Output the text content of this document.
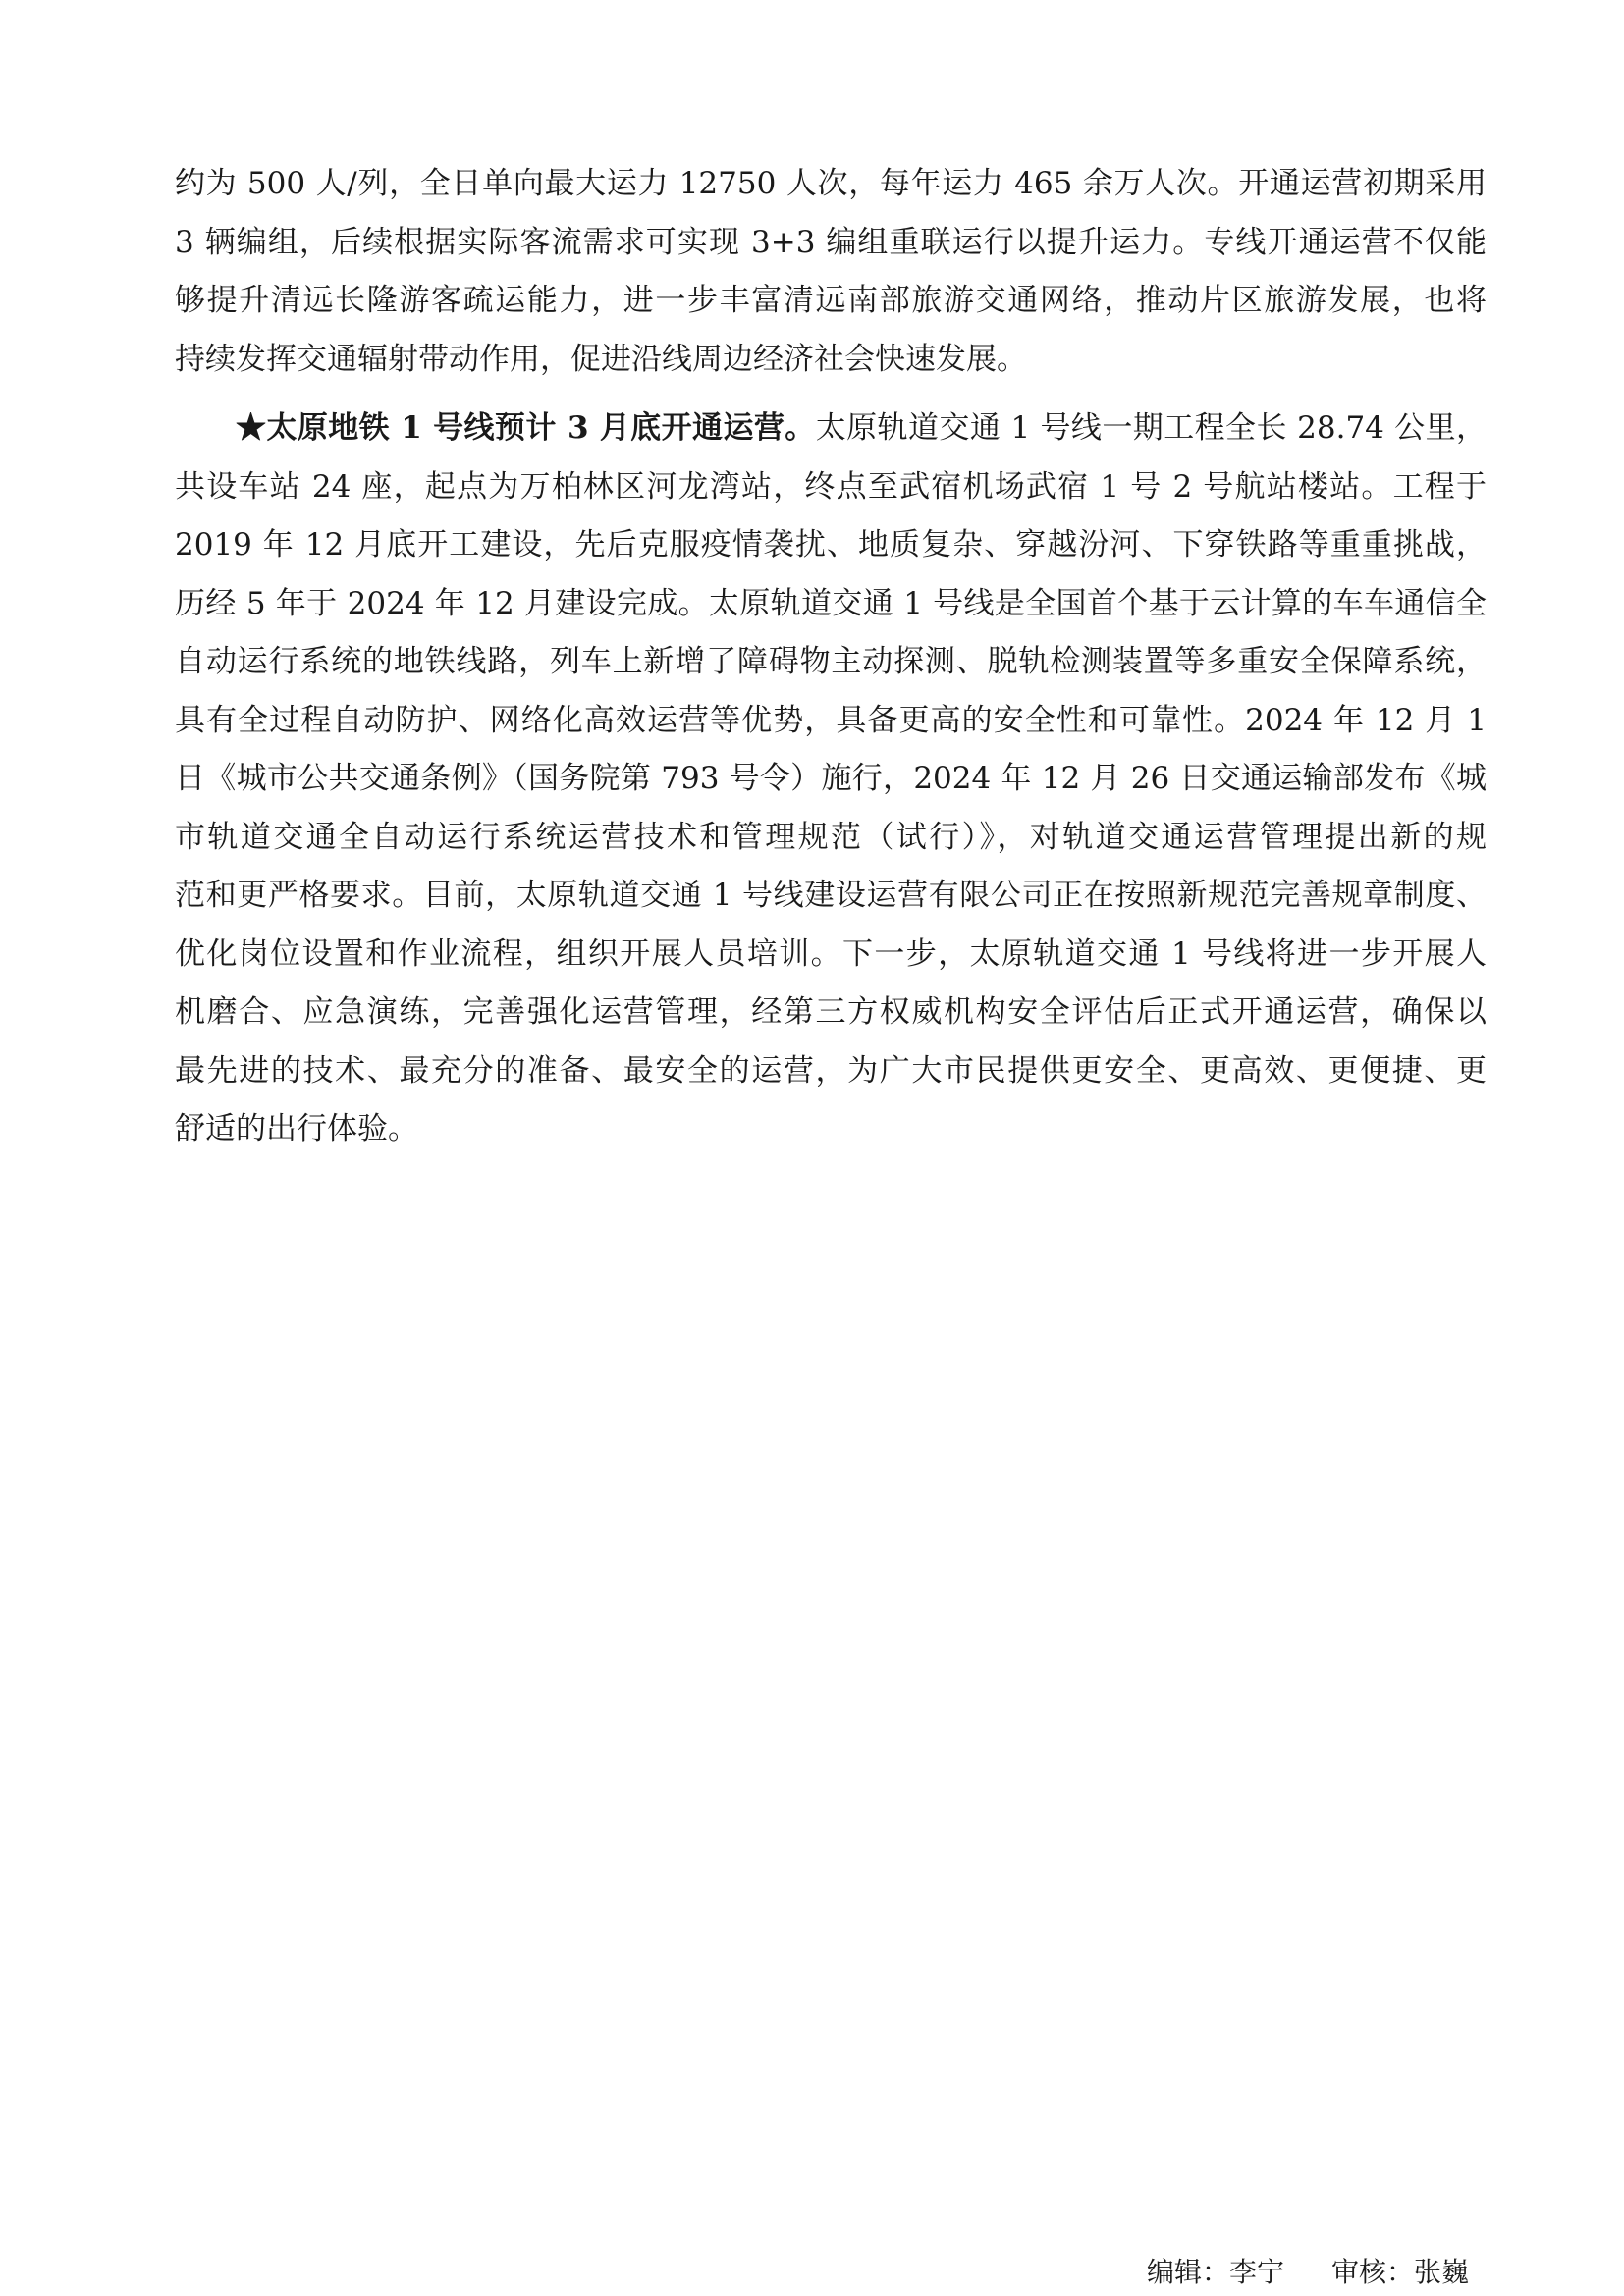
约为 500 人/列，全日单向最大运力 12750 人次，每年运力 465 余万人次。开通运营初期采用
3 辆编组，后续根据实际客流需求可实现 3+3 编组重联运行以提升运力。专线开通运营不仅能
够提升清远长隆游客疏运能力，进一步丰富清远南部旅游交通网络，推动片区旅游发展，也将
持续发挥交通辐射带动作用，促进沿线周边经济社会快速发展。

★太原地铁 1 号线预计 3 月底开通运营。太原轨道交通 1 号线一期工程全长 28.74 公里，
共设车站 24 座，起点为万柏林区河龙湾站，终点至武宿机场武宿 1 号 2 号航站楼站。工程于
2019 年 12 月底开工建设，先后克服疫情袭扰、地质复杂、穿越汾河、下穿铁路等重重挑战，
历经 5 年于 2024 年 12 月建设完成。太原轨道交通 1 号线是全国首个基于云计算的车车通信全
自动运行系统的地铁线路，列车上新增了障碍物主动探测、脱轨检测装置等多重安全保障系统，
具有全过程自动防护、网络化高效运营等优势，具备更高的安全性和可靠性。2024 年 12 月 1
日《城市公共交通条例》（国务院第 793 号令）施行，2024 年 12 月 26 日交通运输部发布《城
市轨道交通全自动运行系统运营技术和管理规范（试行）》，对轨道交通运营管理提出新的规
范和更严格要求。目前，太原轨道交通 1 号线建设运营有限公司正在按照新规范完善规章制度、
优化岗位设置和作业流程，组织开展人员培训。下一步，太原轨道交通 1 号线将进一步开展人
机磨合、应急演练，完善强化运营管理，经第三方权威机构安全评估后正式开通运营，确保以
最先进的技术、最充分的准备、最安全的运营，为广大市民提供更安全、更高效、更便捷、更
舒适的出行体验。

编辑：李宁 审核：张巍
